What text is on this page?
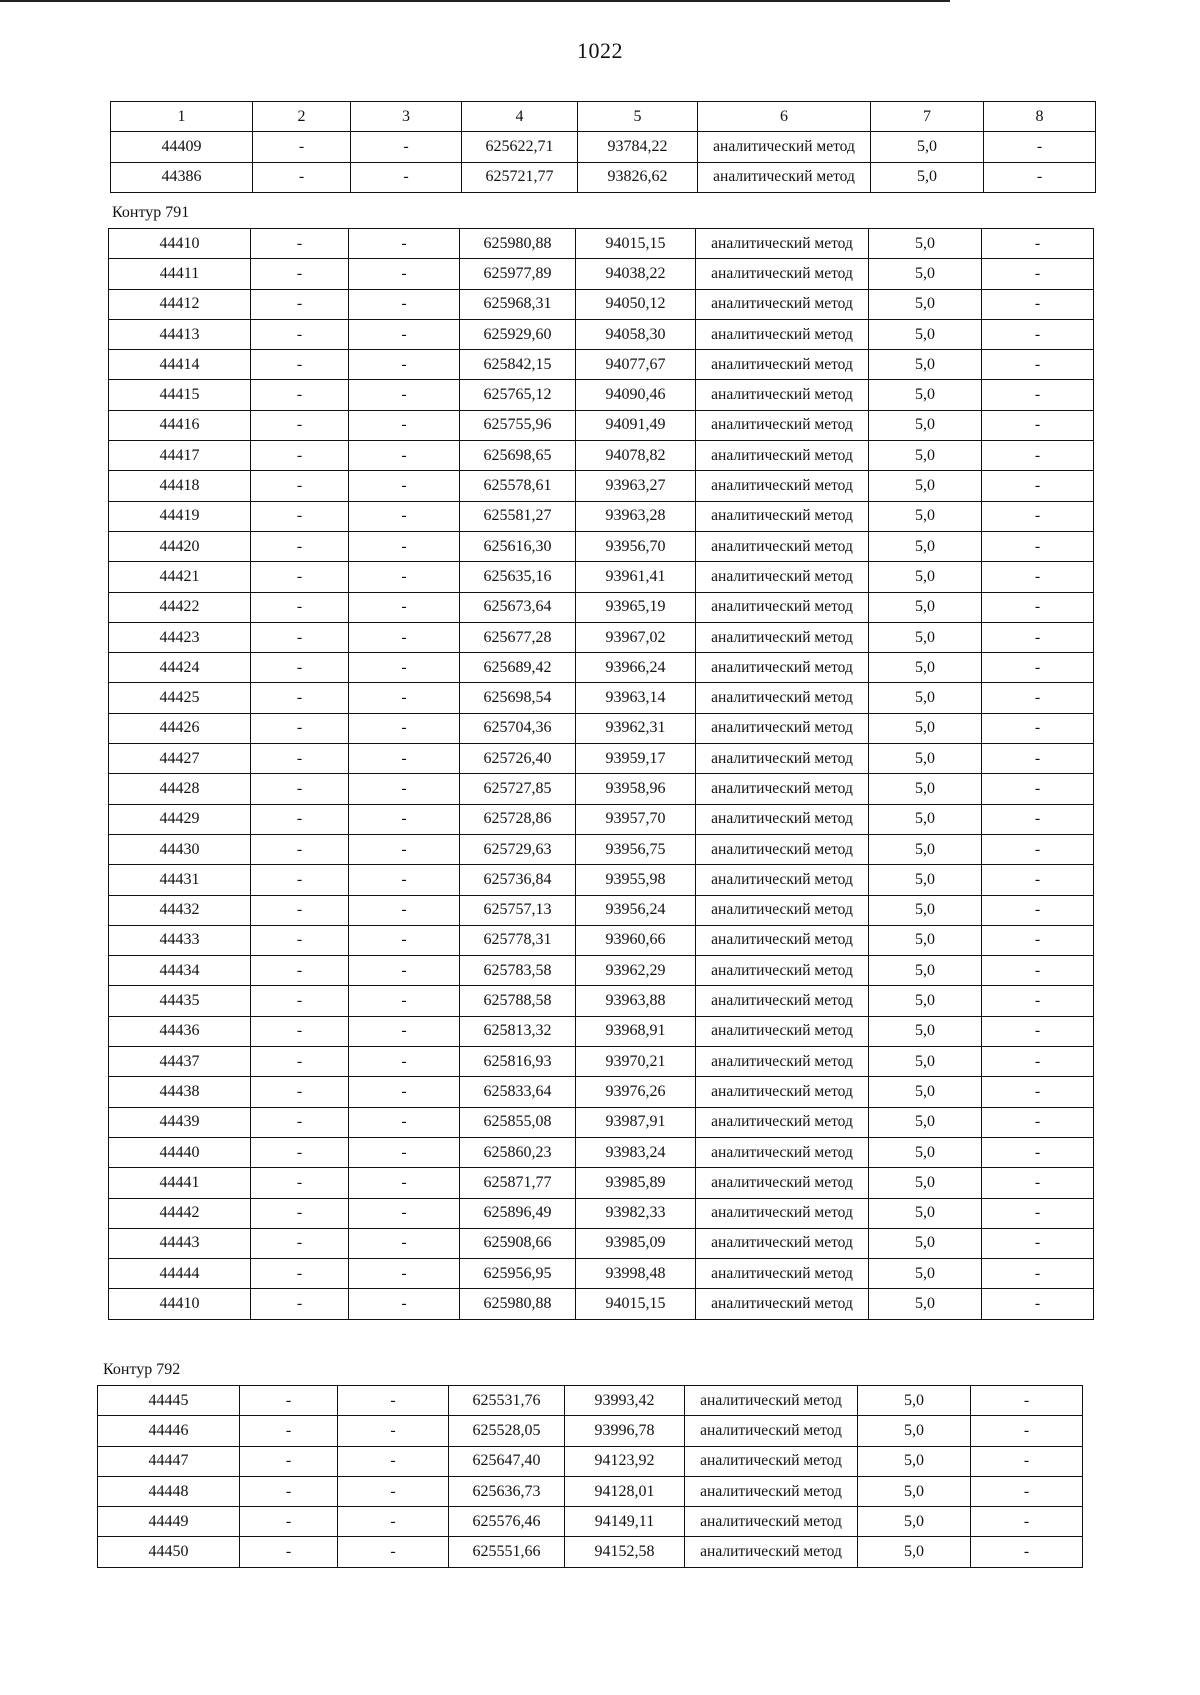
1022
1	2	3	4	5	6	7	8
44409	-	-	625622,71	93784,22	аналитический метод	5,0	-
44386	-	-	625721,77	93826,62	аналитический метод	5,0	-
Контур 791
44410	-	-	625980,88	94015,15	аналитический метод	5,0	-
44411	-	-	625977,89	94038,22	аналитический метод	5,0	-
44412	-	-	625968,31	94050,12	аналитический метод	5,0	-
44413	-	-	625929,60	94058,30	аналитический метод	5,0	-
44414	-	-	625842,15	94077,67	аналитический метод	5,0	-
44415	-	-	625765,12	94090,46	аналитический метод	5,0	-
44416	-	-	625755,96	94091,49	аналитический метод	5,0	-
44417	-	-	625698,65	94078,82	аналитический метод	5,0	-
44418	-	-	625578,61	93963,27	аналитический метод	5,0	-
44419	-	-	625581,27	93963,28	аналитический метод	5,0	-
44420	-	-	625616,30	93956,70	аналитический метод	5,0	-
44421	-	-	625635,16	93961,41	аналитический метод	5,0	-
44422	-	-	625673,64	93965,19	аналитический метод	5,0	-
44423	-	-	625677,28	93967,02	аналитический метод	5,0	-
44424	-	-	625689,42	93966,24	аналитический метод	5,0	-
44425	-	-	625698,54	93963,14	аналитический метод	5,0	-
44426	-	-	625704,36	93962,31	аналитический метод	5,0	-
44427	-	-	625726,40	93959,17	аналитический метод	5,0	-
44428	-	-	625727,85	93958,96	аналитический метод	5,0	-
44429	-	-	625728,86	93957,70	аналитический метод	5,0	-
44430	-	-	625729,63	93956,75	аналитический метод	5,0	-
44431	-	-	625736,84	93955,98	аналитический метод	5,0	-
44432	-	-	625757,13	93956,24	аналитический метод	5,0	-
44433	-	-	625778,31	93960,66	аналитический метод	5,0	-
44434	-	-	625783,58	93962,29	аналитический метод	5,0	-
44435	-	-	625788,58	93963,88	аналитический метод	5,0	-
44436	-	-	625813,32	93968,91	аналитический метод	5,0	-
44437	-	-	625816,93	93970,21	аналитический метод	5,0	-
44438	-	-	625833,64	93976,26	аналитический метод	5,0	-
44439	-	-	625855,08	93987,91	аналитический метод	5,0	-
44440	-	-	625860,23	93983,24	аналитический метод	5,0	-
44441	-	-	625871,77	93985,89	аналитический метод	5,0	-
44442	-	-	625896,49	93982,33	аналитический метод	5,0	-
44443	-	-	625908,66	93985,09	аналитический метод	5,0	-
44444	-	-	625956,95	93998,48	аналитический метод	5,0	-
44410	-	-	625980,88	94015,15	аналитический метод	5,0	-
Контур 792
44445	-	-	625531,76	93993,42	аналитический метод	5,0	-
44446	-	-	625528,05	93996,78	аналитический метод	5,0	-
44447	-	-	625647,40	94123,92	аналитический метод	5,0	-
44448	-	-	625636,73	94128,01	аналитический метод	5,0	-
44449	-	-	625576,46	94149,11	аналитический метод	5,0	-
44450	-	-	625551,66	94152,58	аналитический метод	5,0	-
